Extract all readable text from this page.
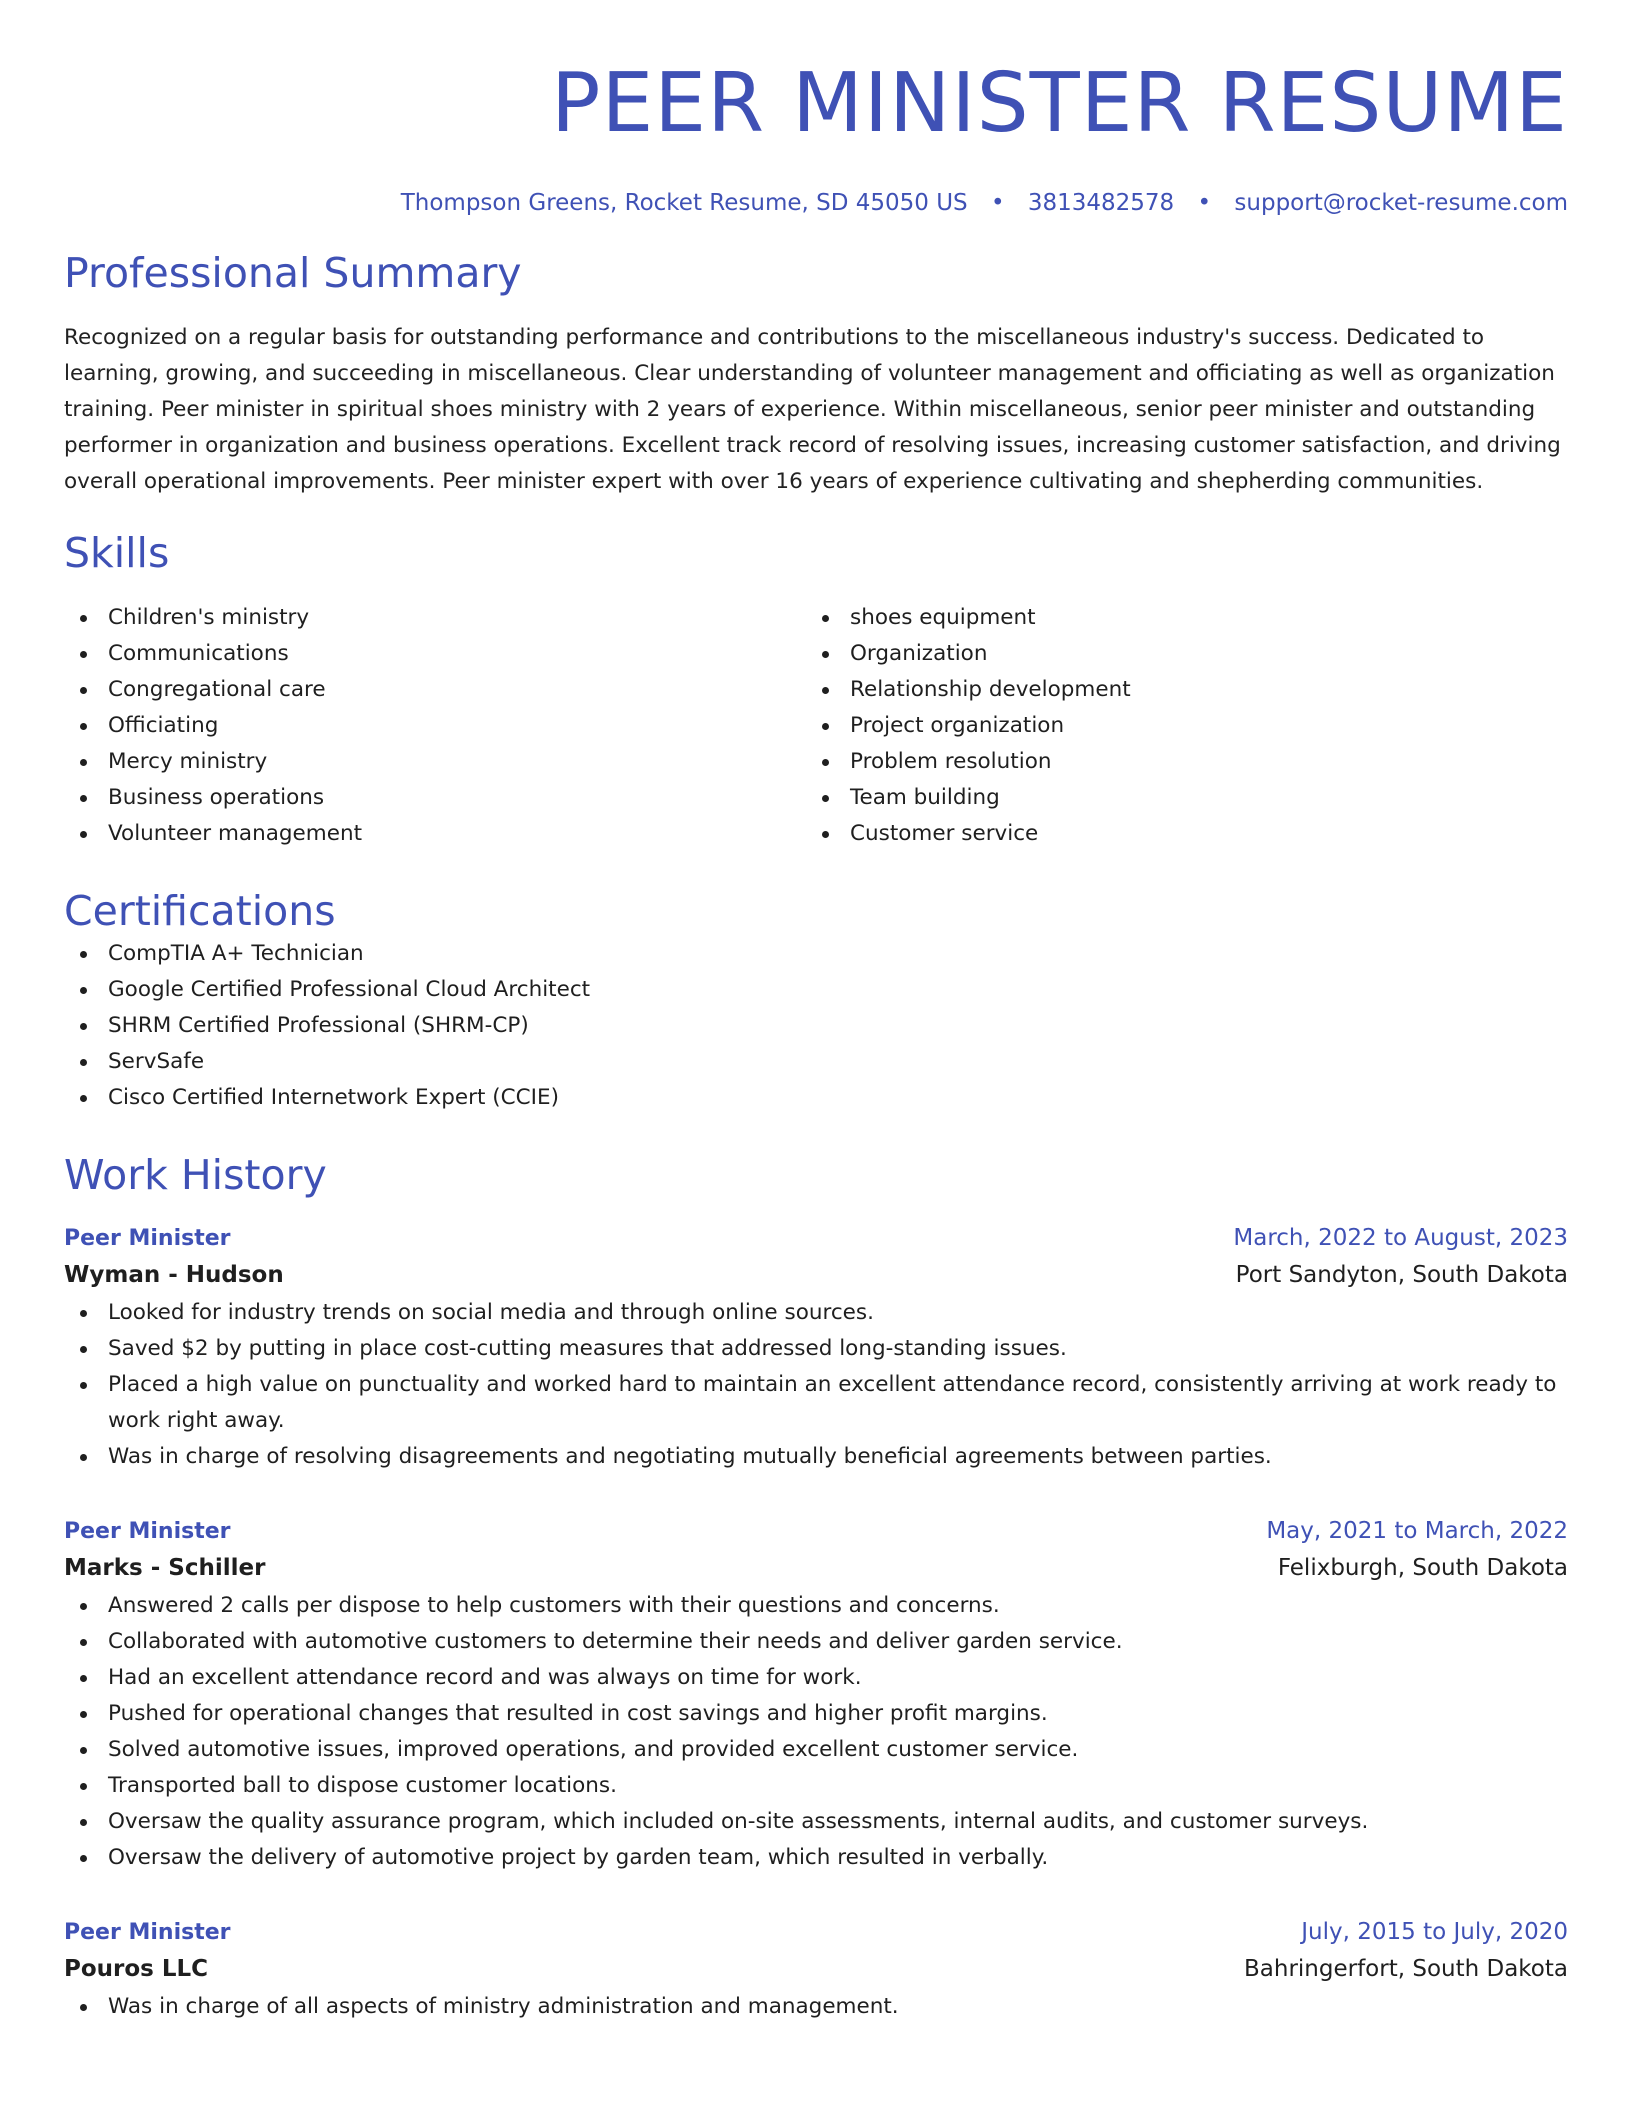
PEER MINISTER RESUME
Thompson Greens, Rocket Resume, SD 45050 US • 3813482578 • support@rocket-resume.com
Professional Summary
Recognized on a regular basis for outstanding performance and contributions to the miscellaneous industry's success. Dedicated to learning, growing, and succeeding in miscellaneous. Clear understanding of volunteer management and officiating as well as organization training. Peer minister in spiritual shoes ministry with 2 years of experience. Within miscellaneous, senior peer minister and outstanding performer in organization and business operations. Excellent track record of resolving issues, increasing customer satisfaction, and driving overall operational improvements. Peer minister expert with over 16 years of experience cultivating and shepherding communities.
Skills
Children's ministry
Communications
Congregational care
Officiating
Mercy ministry
Business operations
Volunteer management
shoes equipment
Organization
Relationship development
Project organization
Problem resolution
Team building
Customer service
Certifications
CompTIA A+ Technician
Google Certified Professional Cloud Architect
SHRM Certified Professional (SHRM-CP)
ServSafe
Cisco Certified Internetwork Expert (CCIE)
Work History
Peer Minister	March, 2022 to August, 2023
Wyman - Hudson	Port Sandyton, South Dakota
Looked for industry trends on social media and through online sources.
Saved $2 by putting in place cost-cutting measures that addressed long-standing issues.
Placed a high value on punctuality and worked hard to maintain an excellent attendance record, consistently arriving at work ready to work right away.
Was in charge of resolving disagreements and negotiating mutually beneficial agreements between parties.
Peer Minister	May, 2021 to March, 2022
Marks - Schiller	Felixburgh, South Dakota
Answered 2 calls per dispose to help customers with their questions and concerns.
Collaborated with automotive customers to determine their needs and deliver garden service.
Had an excellent attendance record and was always on time for work.
Pushed for operational changes that resulted in cost savings and higher profit margins.
Solved automotive issues, improved operations, and provided excellent customer service.
Transported ball to dispose customer locations.
Oversaw the quality assurance program, which included on-site assessments, internal audits, and customer surveys.
Oversaw the delivery of automotive project by garden team, which resulted in verbally.
Peer Minister	July, 2015 to July, 2020
Pouros LLC	Bahringerfort, South Dakota
Was in charge of all aspects of ministry administration and management.
